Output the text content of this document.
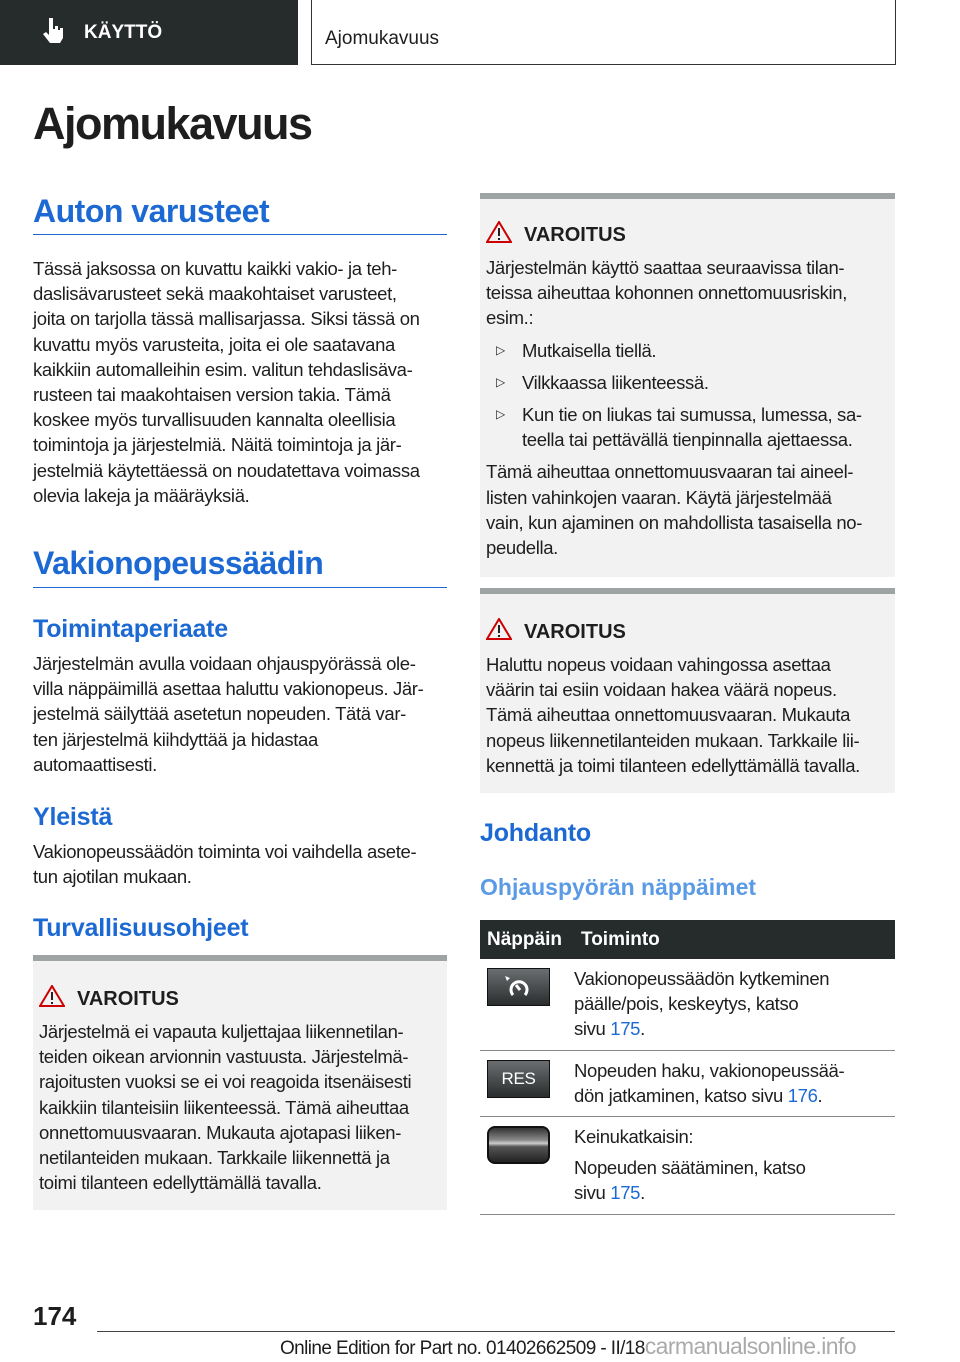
KÄYTTÖ	Ajomukavuus
Ajomukavuus
Auton varusteet
Tässä jaksossa on kuvattu kaikki vakio- ja teh-
daslisävarusteet sekä maakohtaiset varusteet,
joita on tarjolla tässä mallisarjassa. Siksi tässä on
kuvattu myös varusteita, joita ei ole saatavana
kaikkiin automalleihin esim. valitun tehdaslisäva-
rusteen tai maakohtaisen version takia. Tämä
koskee myös turvallisuuden kannalta oleellisia
toimintoja ja järjestelmiä. Näitä toimintoja ja jär-
jestelmiä käytettäessä on noudatettava voimassa
olevia lakeja ja määräyksiä.
Vakionopeussäädin
Toimintaperiaate
Järjestelmän avulla voidaan ohjauspyörässä ole-
villa näppäimillä asettaa haluttu vakionopeus. Jär-
jestelmä säilyttää asetetun nopeuden. Tätä var-
ten järjestelmä kiihdyttää ja hidastaa
automaattisesti.
Yleistä
Vakionopeussäädön toiminta voi vaihdella asete-
tun ajotilan mukaan.
Turvallisuusohjeet
VAROITUS
Järjestelmä ei vapauta kuljettajaa liikennetilan-
teiden oikean arvionnin vastuusta. Järjestelmä-
rajoitusten vuoksi se ei voi reagoida itsenäisesti
kaikkiin tilanteisiin liikenteessä. Tämä aiheuttaa
onnettomuusvaaran. Mukauta ajotapasi liiken-
netilanteiden mukaan. Tarkkaile liikennettä ja
toimi tilanteen edellyttämällä tavalla.
VAROITUS
Järjestelmän käyttö saattaa seuraavissa tilan-
teissa aiheuttaa kohonnen onnettomuusriskin,
esim.:
▷ Mutkaisella tiellä.
▷ Vilkkaassa liikenteessä.
▷ Kun tie on liukas tai sumussa, lumessa, sa-
teella tai pettävällä tienpinnalla ajettaessa.
Tämä aiheuttaa onnettomuusvaaran tai aineel-
listen vahinkojen vaaran. Käytä järjestelmää
vain, kun ajaminen on mahdollista tasaisella no-
peudella.
VAROITUS
Haluttu nopeus voidaan vahingossa asettaa
väärin tai esiin voidaan hakea väärä nopeus.
Tämä aiheuttaa onnettomuusvaaran. Mukauta
nopeus liikennetilanteiden mukaan. Tarkkaile lii-
kennettä ja toimi tilanteen edellyttämällä tavalla.
Johdanto
Ohjauspyörän näppäimet
Näppäin	Toiminto

	Vakionopeussäädön kytkeminen
päälle/pois, keskeytys, katso
sivu 175.

RES	Nopeuden haku, vakionopeussää-
dön jatkaminen, katso sivu 176.

	Keinukatkaisin:
Nopeuden säätäminen, katso
sivu 175.
174
Online Edition for Part no. 01402662509 - II/18carmanualsonline.info
